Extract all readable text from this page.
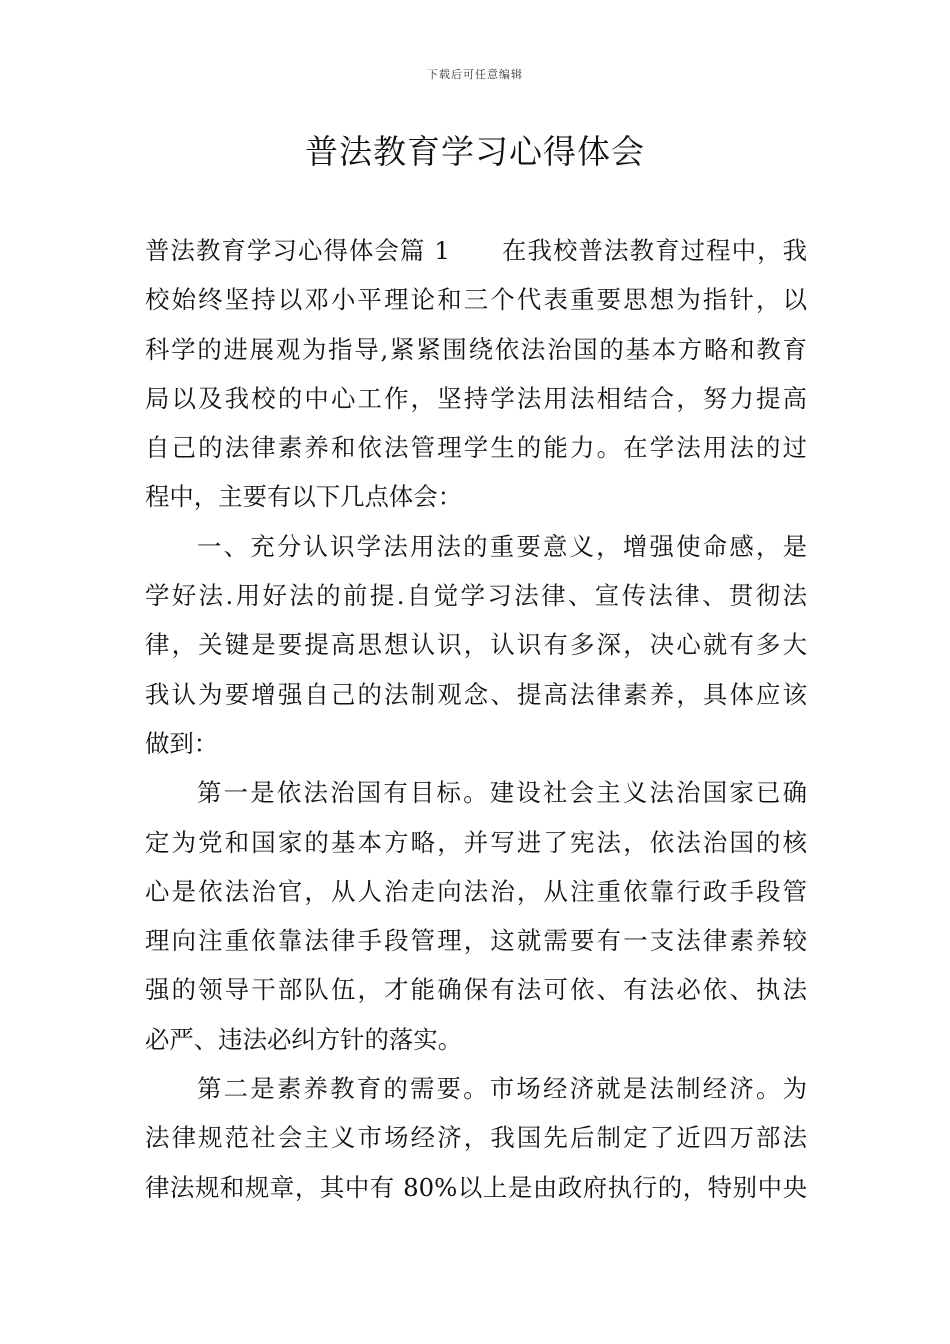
下载后可任意编辑
普法教育学习心得体会
普法教育学习心得体会篇 1　　在我校普法教育过程中，我
校始终坚持以邓小平理论和三个代表重要思想为指针，以
科学的进展观为指导,紧紧围绕依法治国的基本方略和教育
局以及我校的中心工作，坚持学法用法相结合，努力提高
自己的法律素养和依法管理学生的能力。在学法用法的过
程中，主要有以下几点体会：
一、充分认识学法用法的重要意义，增强使命感，是
学好法.用好法的前提.自觉学习法律、宣传法律、贯彻法
律，关键是要提高思想认识，认识有多深，决心就有多大
我认为要增强自己的法制观念、提高法律素养，具体应该
做到：
第一是依法治国有目标。建设社会主义法治国家已确
定为党和国家的基本方略，并写进了宪法，依法治国的核
心是依法治官，从人治走向法治，从注重依靠行政手段管
理向注重依靠法律手段管理，这就需要有一支法律素养较
强的领导干部队伍，才能确保有法可依、有法必依、执法
必严、违法必纠方针的落实。
第二是素养教育的需要。市场经济就是法制经济。为
法律规范社会主义市场经济，我国先后制定了近四万部法
律法规和规章，其中有 80%以上是由政府执行的，特别中央
